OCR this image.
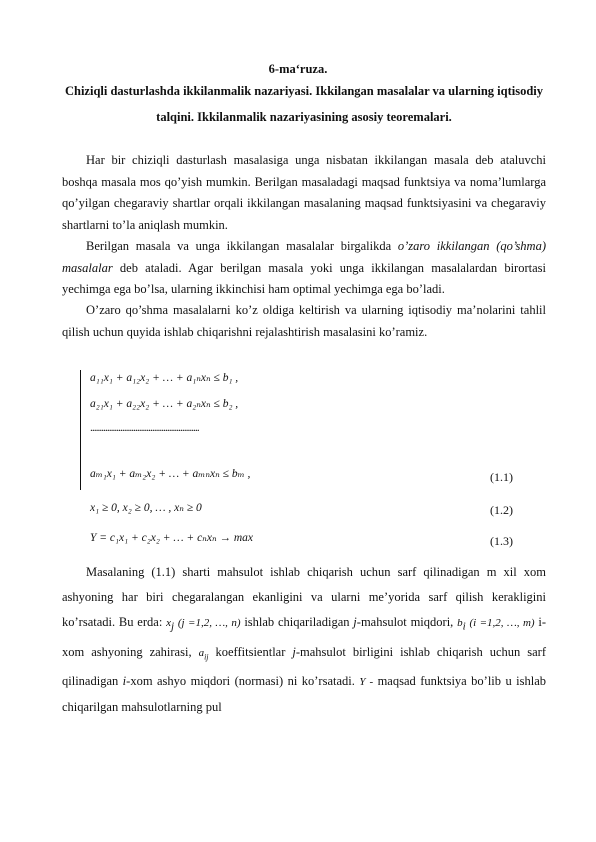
6-ma‘ruza.
Chiziqli dasturlashda ikkilanmalik nazariyasi. Ikkilangan masalalar va ularning iqtisodiy talqini. Ikkilanmalik nazariyasining asosiy teoremalari.
Har bir chiziqli dasturlash masalasiga unga nisbatan ikkilangan masala deb ataluvchi boshqa masala mos qo’yish mumkin. Berilgan masaladagi maqsad funktsiya va noma’lumlarga qo’yilgan chegaraviy shartlar orqali ikkilangan masalaning maqsad funktsiyasini va chegaraviy shartlarni to’la aniqlash mumkin.
Berilgan masala va unga ikkilangan masalalar birgalikda o’zaro ikkilangan (qo’shma) masalalar deb ataladi. Agar berilgan masala yoki unga ikkilangan masalalardan birortasi yechimga ega bo’lsa, ularning ikkinchisi ham optimal yechimga ega bo’ladi.
O’zaro qo’shma masalalarni ko’z oldiga keltirish va ularning iqtisodiy ma’nolarini tahlil qilish uchun quyida ishlab chiqarishni rejalashtirish masalasini ko’ramiz.
a₁₁x₁ + a₁₂x₂ + … + a₁ₙxₙ ≤ b₁ ,
a₂₁x₁ + a₂₂x₂ + … + a₂ₙxₙ ≤ b₂ ,
..........................................................
aₘ₁x₁ + aₘ₂x₂ + … + aₘₙxₙ ≤ bₘ ,	(1.1)
x₁ ≥ 0, x₂ ≥ 0, … , xₙ ≥ 0	(1.2)
Y = c₁x₁ + c₂x₂ + … + cₙxₙ → max	(1.3)
Masalaning (1.1) sharti mahsulot ishlab chiqarish uchun sarf qilinadigan m xil xom ashyoning har biri chegaralangan ekanligini va ularni me’yorida sarf qilish kerakligini ko’rsatadi. Bu erda: $x_j$ (j =1,2, …, n) ishlab chiqariladigan j-mahsulot miqdori, $b_i$ (i =1,2, …, m) i-xom ashyoning zahirasi, $a_{ij}$ koeffitsientlar j-mahsulot birligini ishlab chiqarish uchun sarf qilinadigan i-xom ashyo miqdori (normasi) ni ko’rsatadi. Y - maqsad funktsiya bo’lib u ishlab chiqarilgan mahsulotlarning pul
